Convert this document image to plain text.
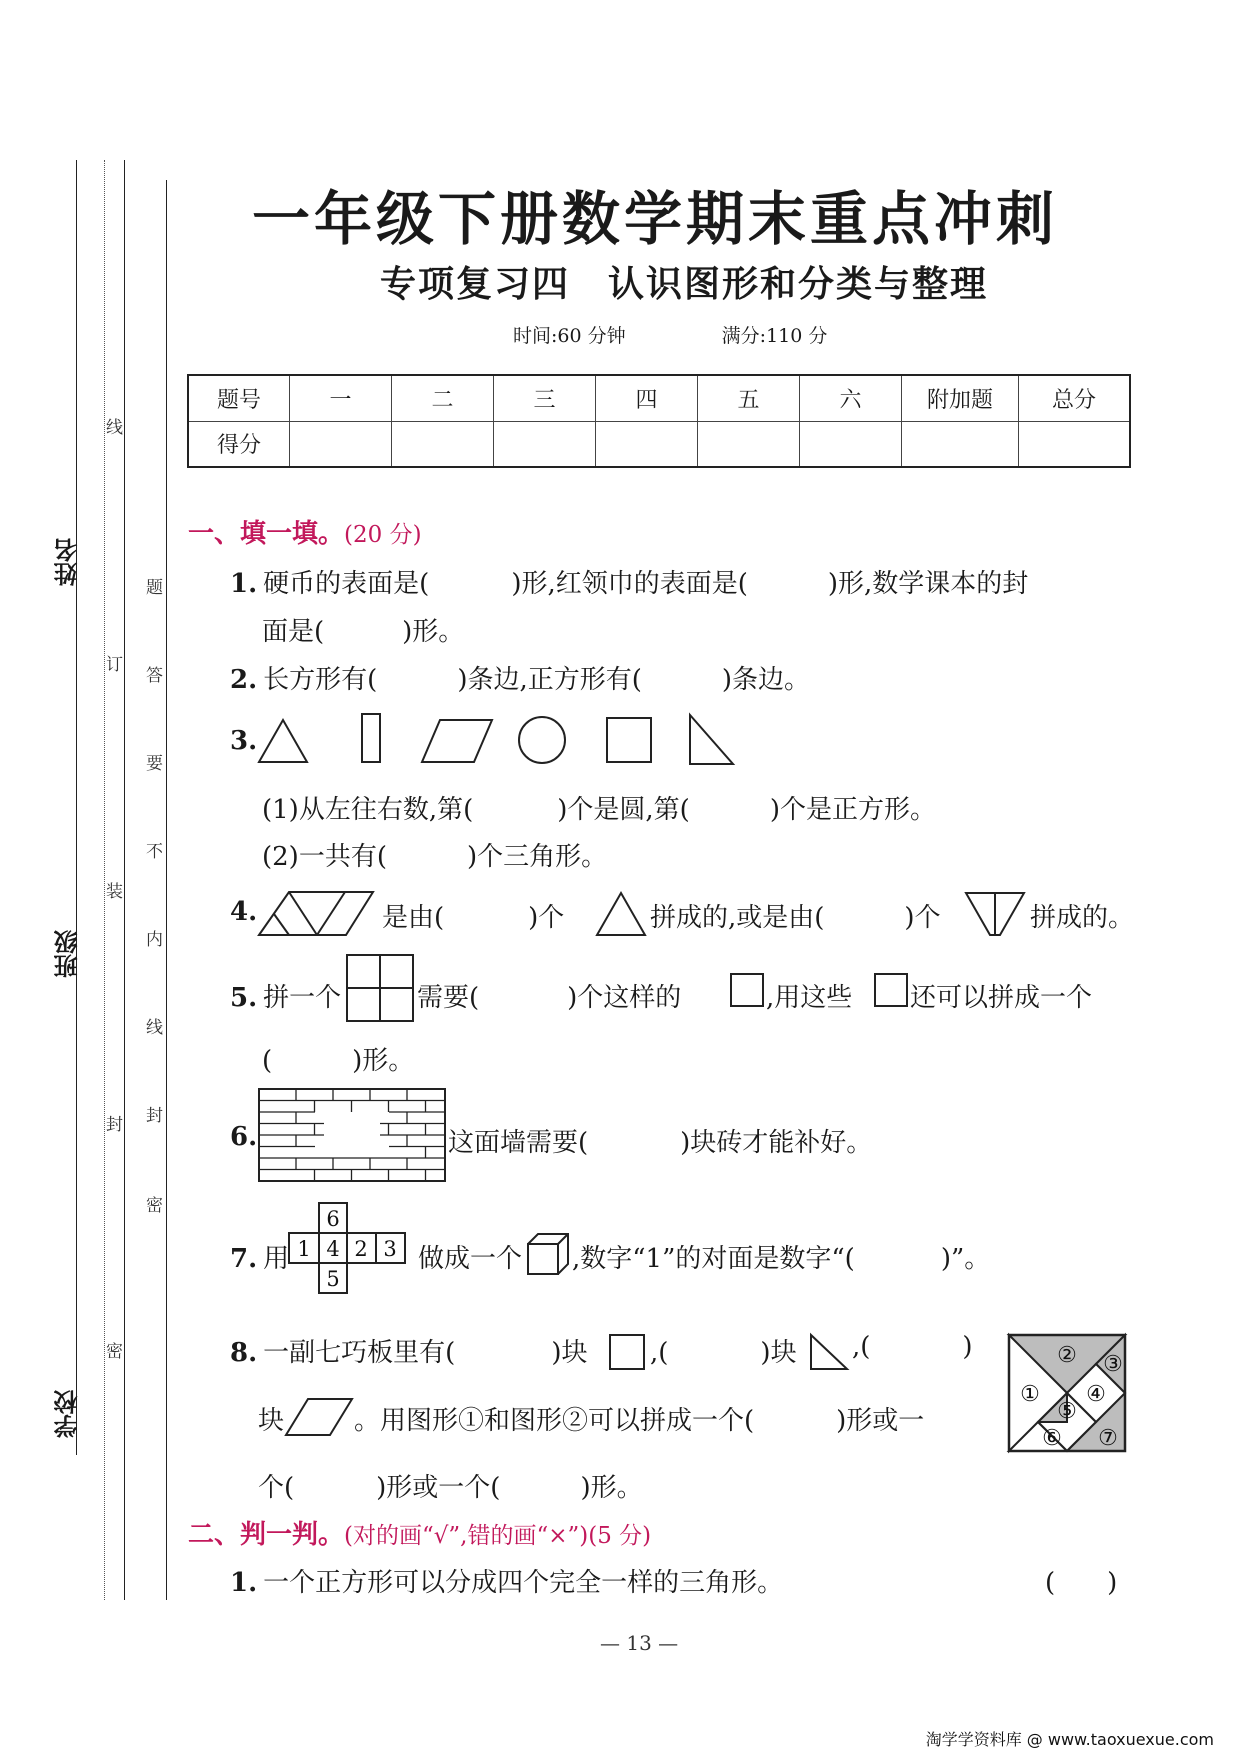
姓名
班级
学校
线
订
装
封
密
题
答
要
不
内
线
封
密
一年级下册数学期末重点冲刺
专项复习四　认识图形和分类与整理
时间:60 分钟	满分:110 分
题号	一	二	三	四	五	六	附加题	总分
得分								
一、填一填。(20 分)
1. 硬币的表面是(	)形,红领巾的表面是(	)形,数学课本的封
面是(	)形。
2. 长方形有(	)条边,正方形有(	)条边。
3.
(1)从左往右数,第(	)个是圆,第(	)个是正方形。
(2)一共有(	)个三角形。
4.	是由(	)个	拼成的,或是由(	)个	拼成的。
5. 拼一个	需要(	)个这样的	,用这些 还可以拼成一个
(	)形。
6.	这面墙需要(	)块砖才能补好。
7. 用
6
1 4 2 3
5
做成一个 ,数字“1”的对面是数字“(	)”。
8. 一副七巧板里有(	)块 ,(	)块 ,(	)
块	。用图形①和图形②可以拼成一个(	)形或一
个(	)形或一个(	)形。
② ③
① ④
⑤
⑥ ⑦
二、判一判。(对的画“√”,错的画“×”)(5 分)
1. 一个正方形可以分成四个完全一样的三角形。	(　　)
— 13 —
淘学学资料库 @ www.taoxuexue.com
